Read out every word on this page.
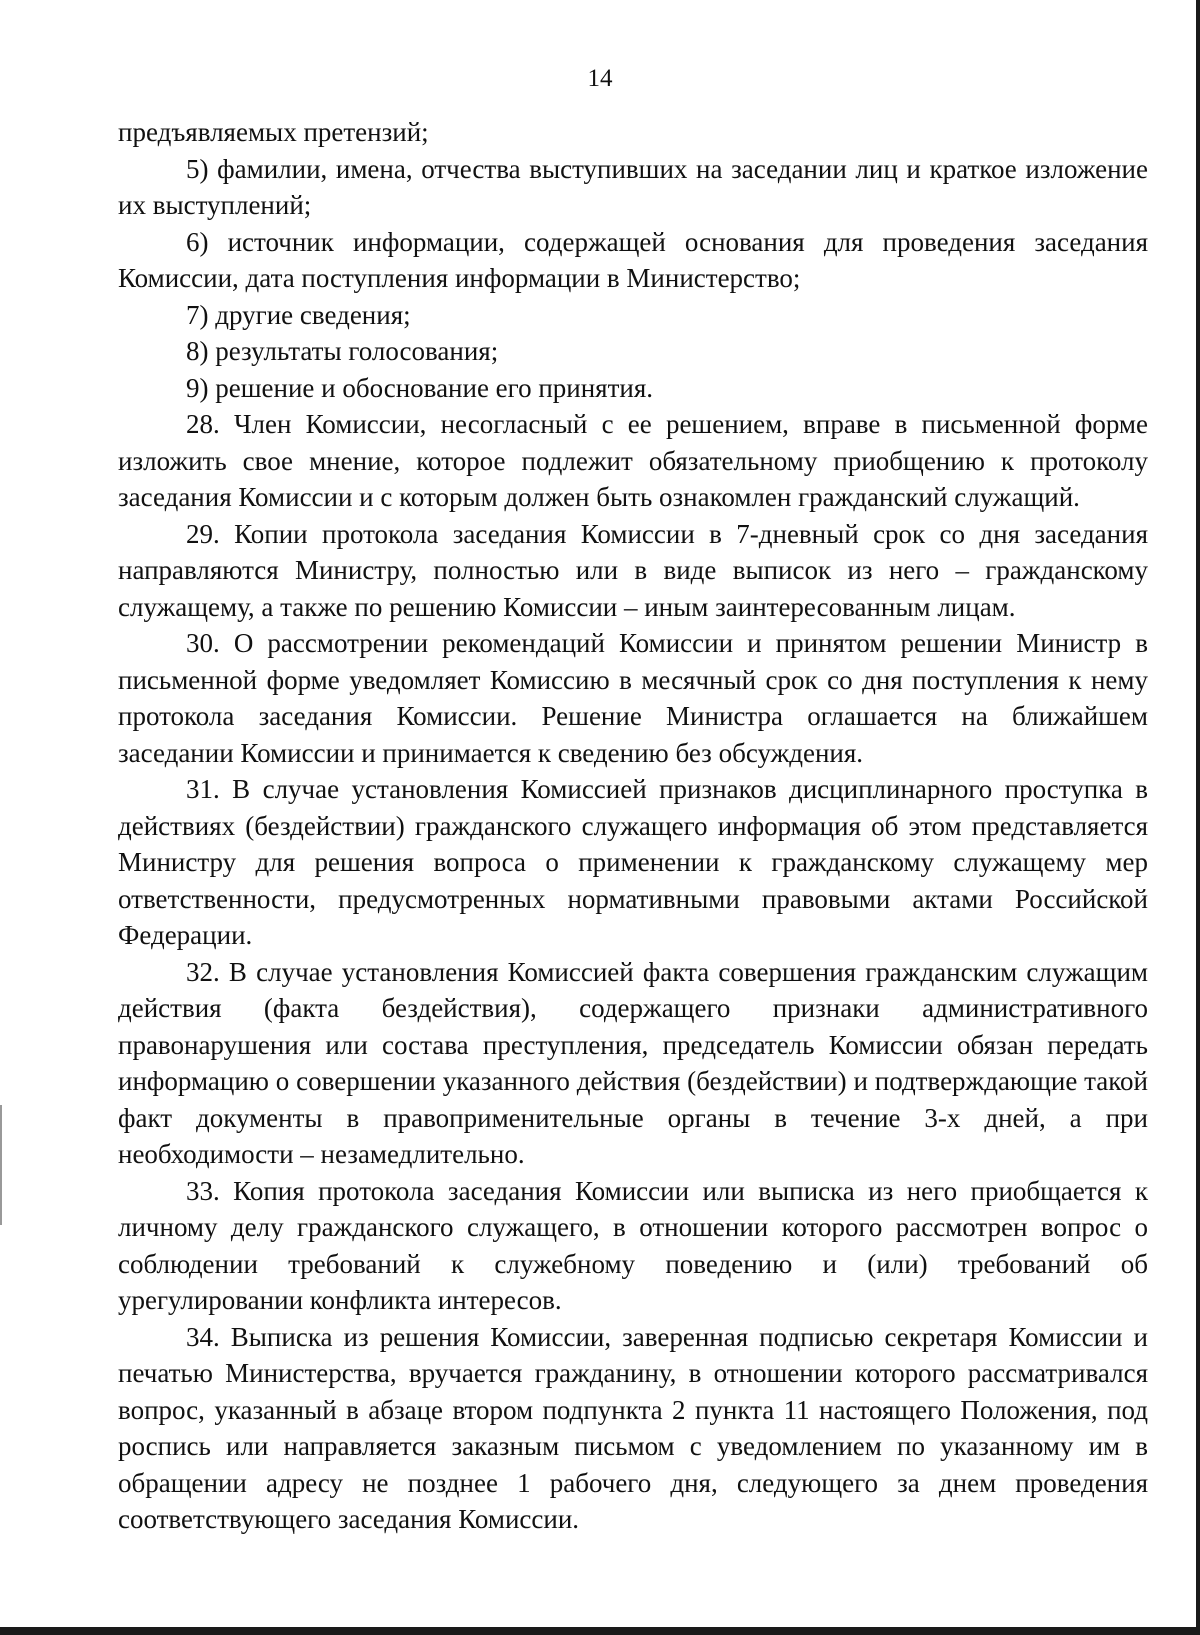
14

предъявляемых претензий;

5) фамилии, имена, отчества выступивших на заседании лиц и краткое изложение их выступлений;

6) источник информации, содержащей основания для проведения заседания Комиссии, дата поступления информации в Министерство;

7) другие сведения;

8) результаты голосования;

9) решение и обоснование его принятия.

28. Член Комиссии, несогласный с ее решением, вправе в письменной форме изложить свое мнение, которое подлежит обязательному приобщению к протоколу заседания Комиссии и с которым должен быть ознакомлен гражданский служащий.

29. Копии протокола заседания Комиссии в 7-дневный срок со дня заседания направляются Министру, полностью или в виде выписок из него – гражданскому служащему, а также по решению Комиссии – иным заинтересованным лицам.

30. О рассмотрении рекомендаций Комиссии и принятом решении Министр в письменной форме уведомляет Комиссию в месячный срок со дня поступления к нему протокола заседания Комиссии. Решение Министра оглашается на ближайшем заседании Комиссии и принимается к сведению без обсуждения.

31. В случае установления Комиссией признаков дисциплинарного проступка в действиях (бездействии) гражданского служащего информация об этом представляется Министру для решения вопроса о применении к гражданскому служащему мер ответственности, предусмотренных нормативными правовыми актами Российской Федерации.

32. В случае установления Комиссией факта совершения гражданским служащим действия (факта бездействия), содержащего признаки административного правонарушения или состава преступления, председатель Комиссии обязан передать информацию о совершении указанного действия (бездействии) и подтверждающие такой факт документы в правоприменительные органы в течение 3-х дней, а при необходимости – незамедлительно.

33. Копия протокола заседания Комиссии или выписка из него приобщается к личному делу гражданского служащего, в отношении которого рассмотрен вопрос о соблюдении требований к служебному поведению и (или) требований об урегулировании конфликта интересов.

34. Выписка из решения Комиссии, заверенная подписью секретаря Комиссии и печатью Министерства, вручается гражданину, в отношении которого рассматривался вопрос, указанный в абзаце втором подпункта 2 пункта 11 настоящего Положения, под роспись или направляется заказным письмом с уведомлением по указанному им в обращении адресу не позднее 1 рабочего дня, следующего за днем проведения соответствующего заседания Комиссии.
